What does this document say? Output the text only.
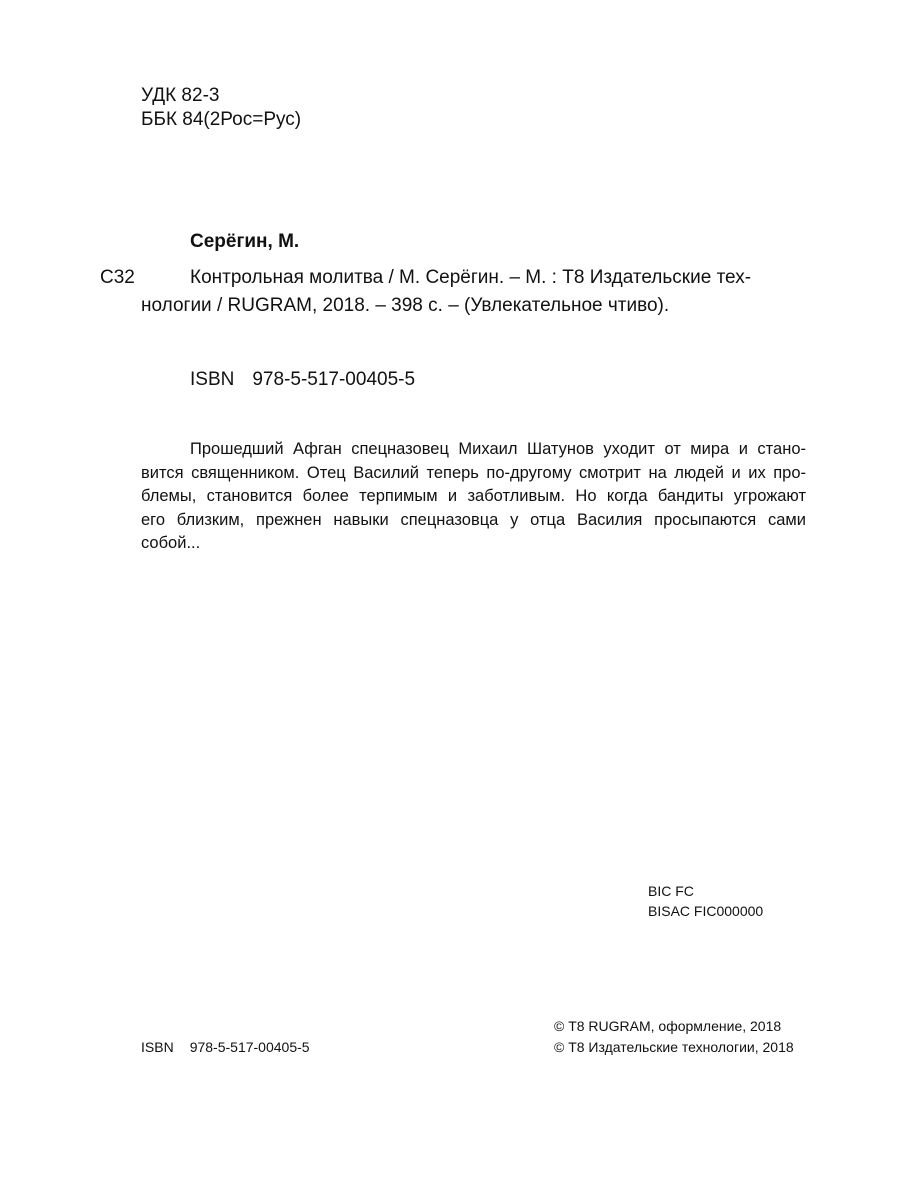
УДК 82-3
ББК 84(2Рос=Рус)
Серёгин, М.
С32	Контрольная молитва / М. Серёгин. – М. : Т8 Издательские тех-
нологии / RUGRAM, 2018. – 398 с. – (Увлекательное чтиво).
ISBN 978-5-517-00405-5
Прошедший Афган спецназовец Михаил Шатунов уходит от мира и стано-
вится священником. Отец Василий теперь по-другому смотрит на людей и их про-
блемы, становится более терпимым и заботливым. Но когда бандиты угрожают
его близким, прежнен навыки спецназовца у отца Василия просыпаются сами
собой...
BIC FC
BISAC FIC000000
© Т8 RUGRAM, оформление, 2018
ISBN 978-5-517-00405-5	© Т8 Издательские технологии, 2018
